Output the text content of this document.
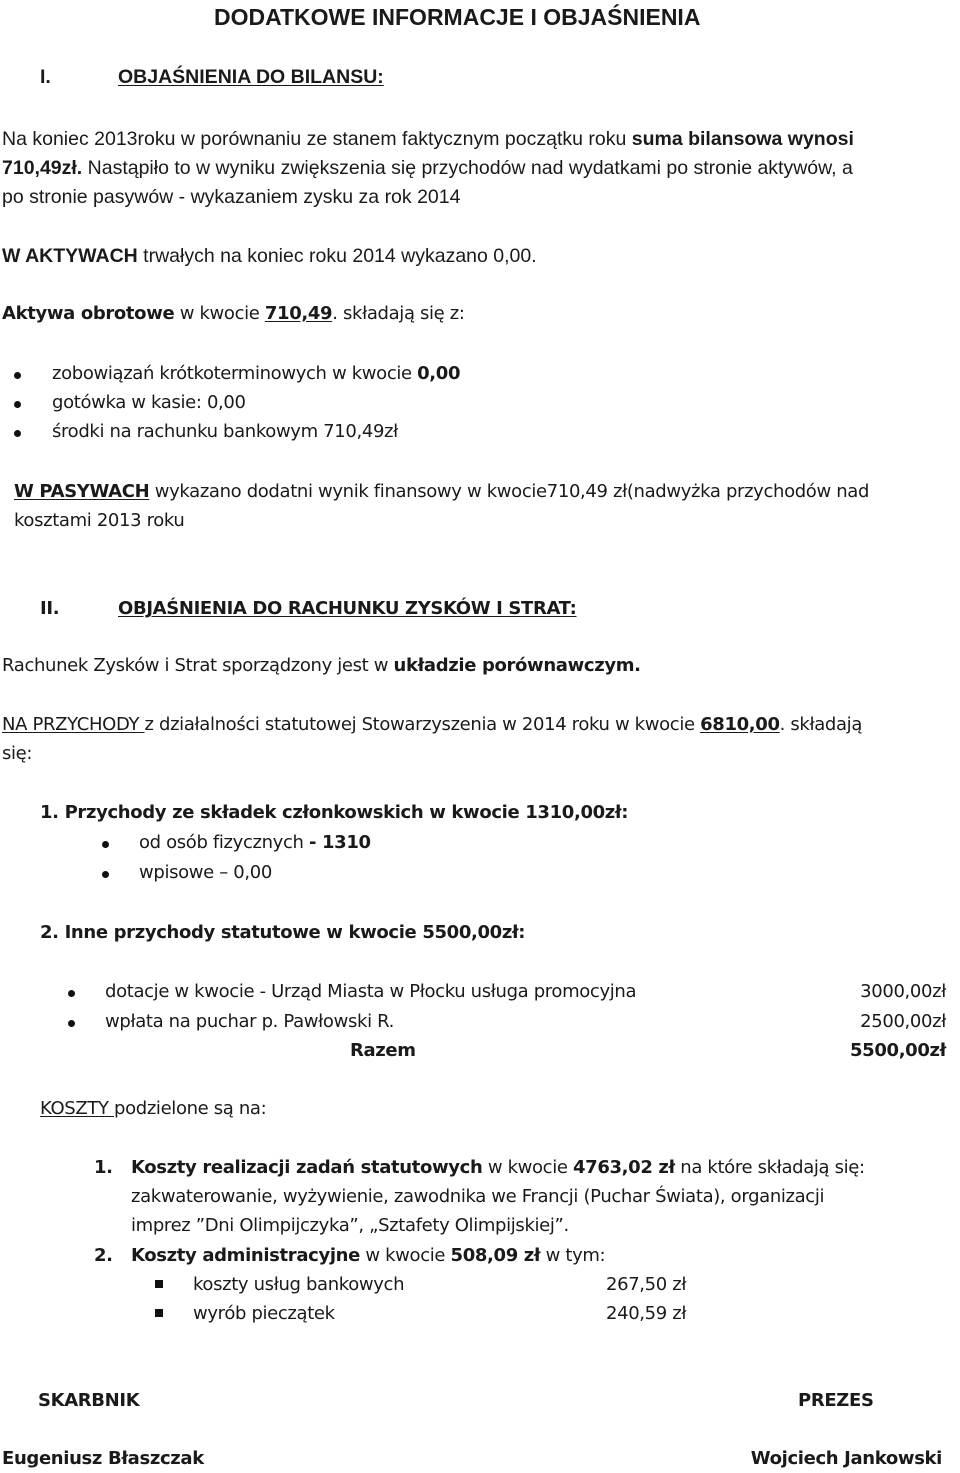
DODATKOWE INFORMACJE I OBJAŚNIENIA
I.	OBJAŚNIENIA DO BILANSU:
Na koniec 2013roku w porównaniu ze stanem faktycznym początku roku suma bilansowa wynosi
710,49zł. Nastąpiło to w wyniku zwiększenia się przychodów nad wydatkami po stronie aktywów, a
po stronie pasywów - wykazaniem zysku za rok 2014
W AKTYWACH trwałych na koniec roku 2014 wykazano 0,00.
Aktywa obrotowe w kwocie 710,49. składają się z:
zobowiązań krótkoterminowych w kwocie 0,00
gotówka w kasie: 0,00
środki na rachunku bankowym 710,49zł
W PASYWACH wykazano dodatni wynik finansowy w kwocie710,49 zł(nadwyżka przychodów nad
kosztami 2013 roku
II.	OBJAŚNIENIA DO RACHUNKU ZYSKÓW I STRAT:
Rachunek Zysków i Strat sporządzony jest w układzie porównawczym.
NA PRZYCHODY z działalności statutowej Stowarzyszenia w 2014 roku w kwocie 6810,00. składają
się:
1. Przychody ze składek członkowskich w kwocie 1310,00zł:
od osób fizycznych - 1310
wpisowe – 0,00
2. Inne przychody statutowe w kwocie 5500,00zł:
dotacje w kwocie - Urząd Miasta w Płocku usługa promocyjna	3000,00zł
wpłata na puchar p. Pawłowski R.	2500,00zł
Razem	5500,00zł
KOSZTY podzielone są na:
1. Koszty realizacji zadań statutowych w kwocie 4763,02 zł na które składają się:
zakwaterowanie, wyżywienie, zawodnika we Francji (Puchar Świata), organizacji
imprez ”Dni Olimpijczyka”, „Sztafety Olimpijskiej”.
2. Koszty administracyjne w kwocie 508,09 zł w tym:
koszty usług bankowych	267,50 zł
wyrób pieczątek	240,59 zł
SKARBNIK	PREZES
Eugeniusz Błaszczak	Wojciech Jankowski
